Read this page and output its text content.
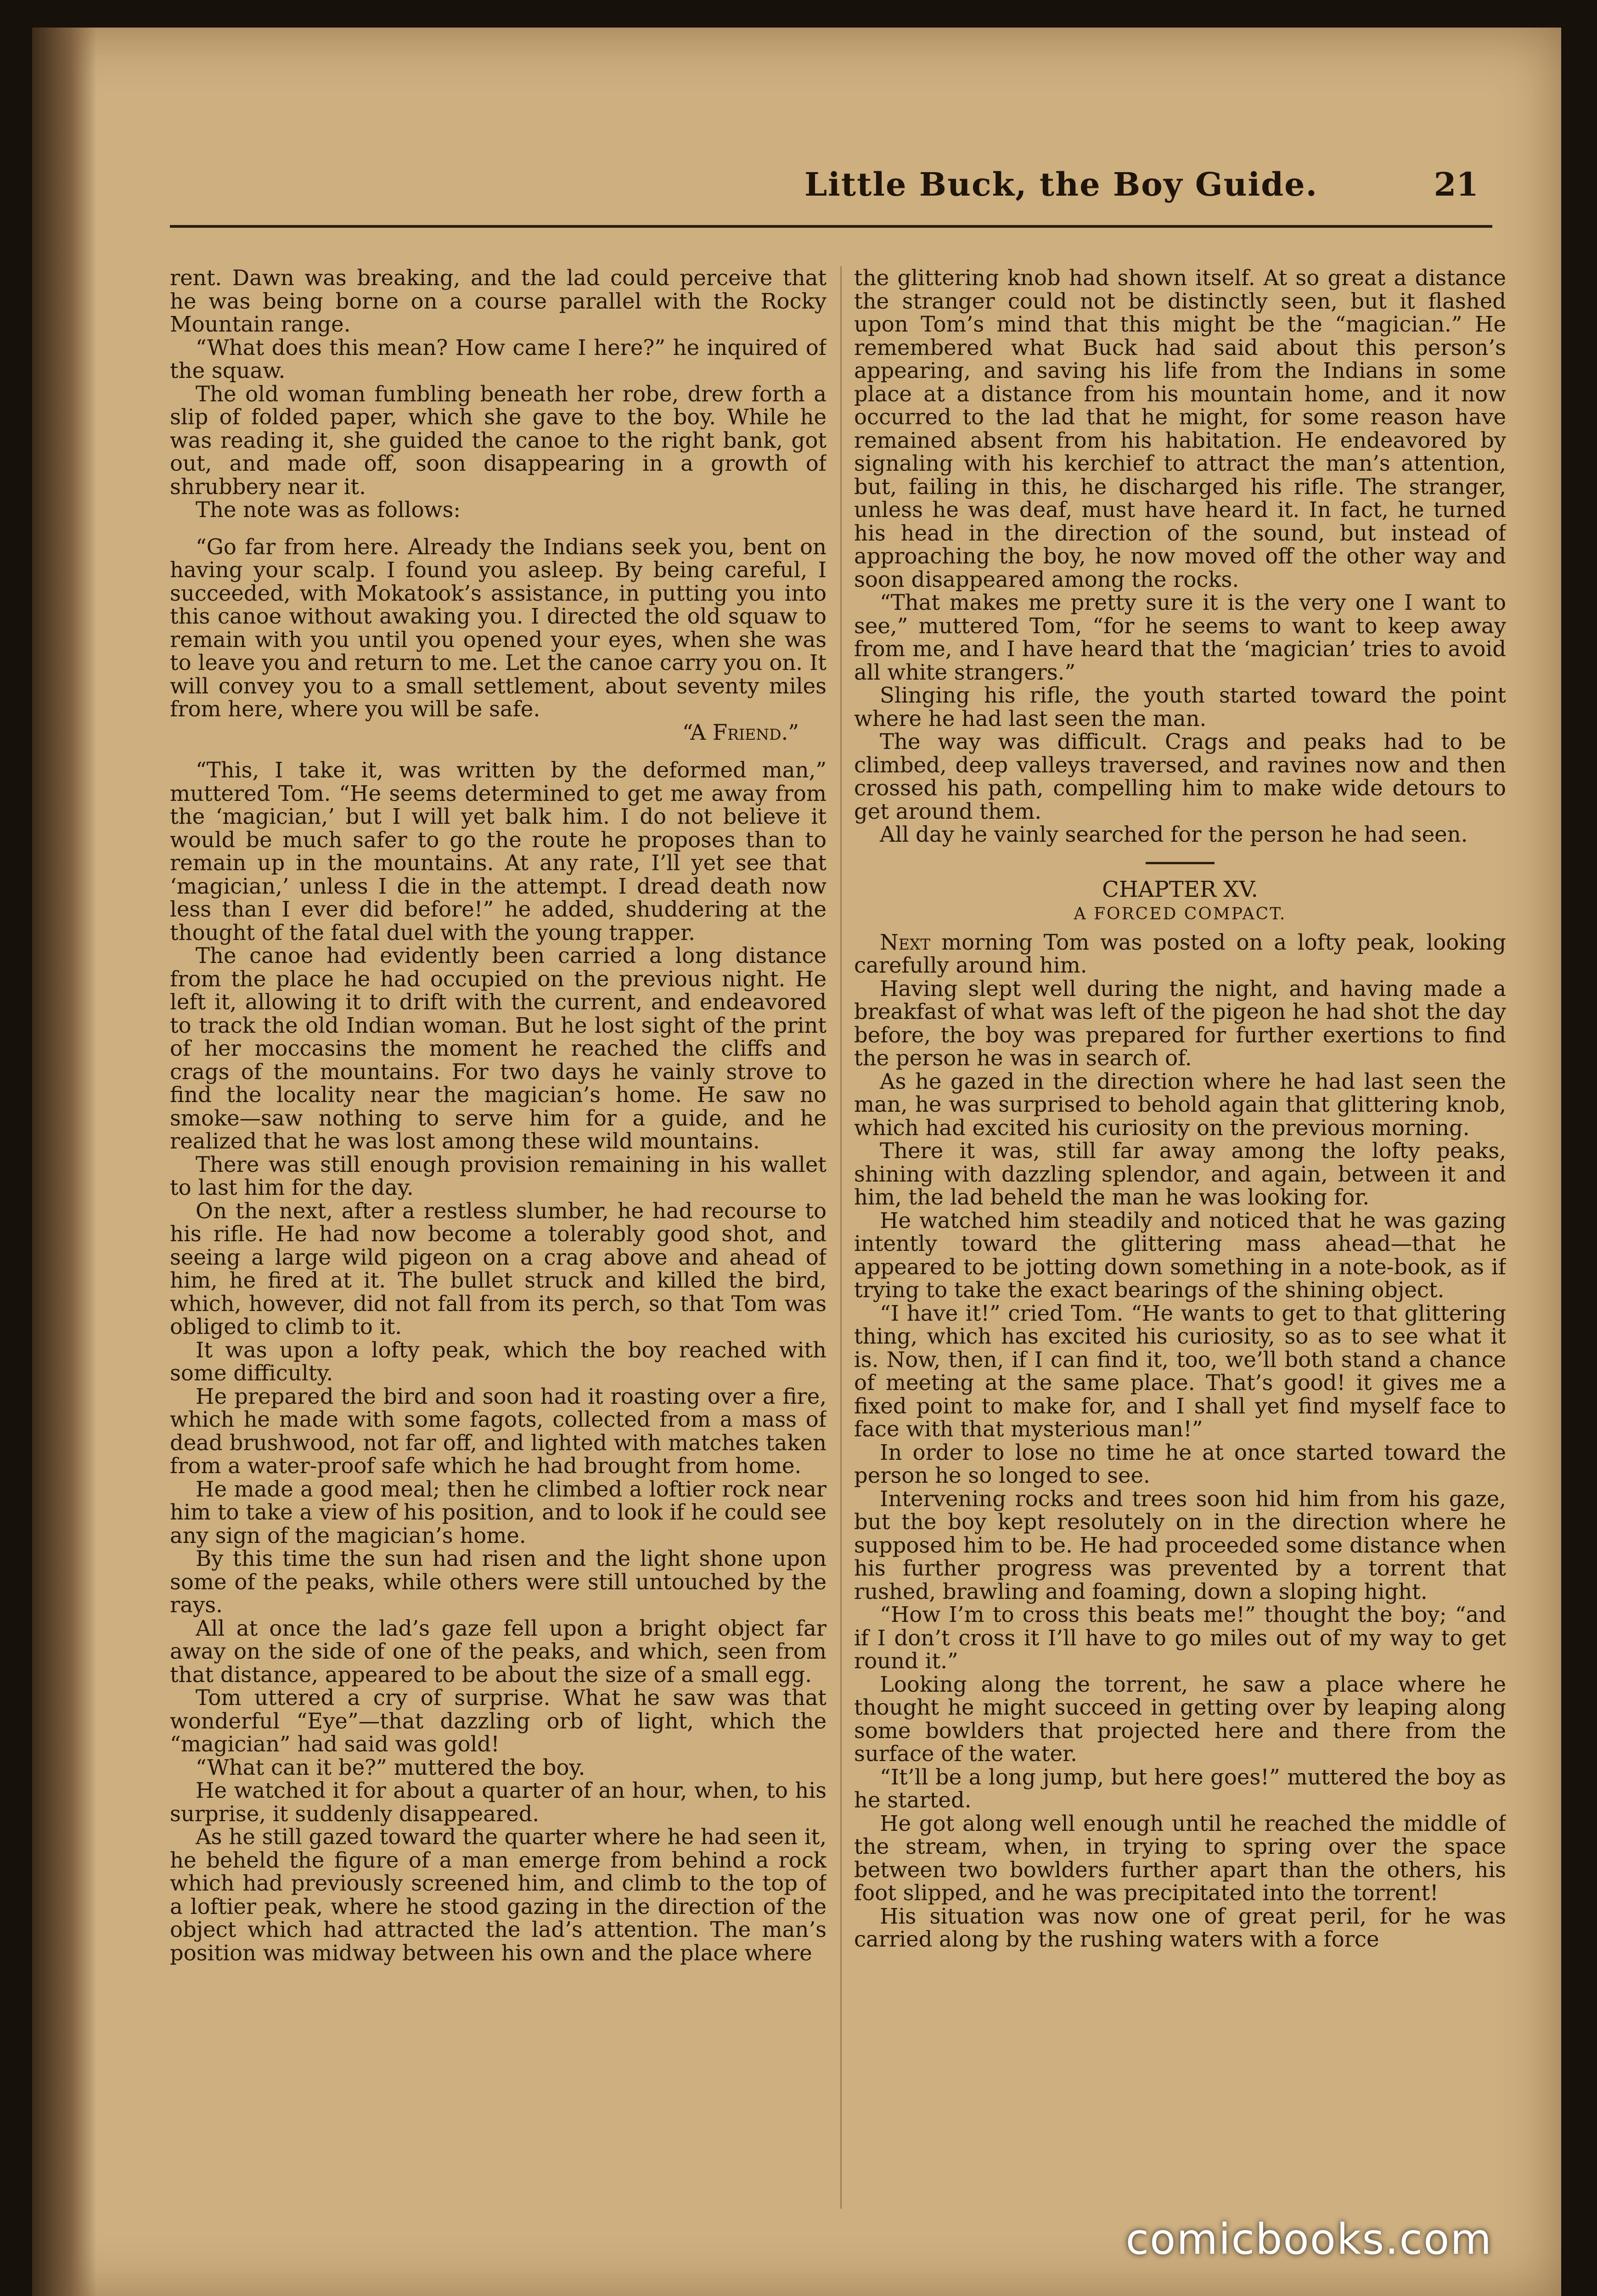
Little Buck, the Boy Guide.	21

rent. Dawn was breaking, and the lad could perceive that he was being borne on a course parallel with the Rocky Mountain range.

“What does this mean? How came I here?” he inquired of the squaw.

The old woman fumbling beneath her robe, drew forth a slip of folded paper, which she gave to the boy. While he was reading it, she guided the canoe to the right bank, got out, and made off, soon disappearing in a growth of shrubbery near it.

The note was as follows:

“Go far from here. Already the Indians seek you, bent on having your scalp. I found you asleep. By being careful, I succeeded, with Mokatook’s assistance, in putting you into this canoe without awaking you. I directed the old squaw to remain with you until you opened your eyes, when she was to leave you and return to me. Let the canoe carry you on. It will convey you to a small settlement, about seventy miles from here, where you will be safe.

“A Friend.”

“This, I take it, was written by the deformed man,” muttered Tom. “He seems determined to get me away from the ‘magician,’ but I will yet balk him. I do not believe it would be much safer to go the route he proposes than to remain up in the mountains. At any rate, I’ll yet see that ‘magician,’ unless I die in the attempt. I dread death now less than I ever did before!” he added, shuddering at the thought of the fatal duel with the young trapper.

The canoe had evidently been carried a long distance from the place he had occupied on the previous night. He left it, allowing it to drift with the current, and endeavored to track the old Indian woman. But he lost sight of the print of her moccasins the moment he reached the cliffs and crags of the mountains. For two days he vainly strove to find the locality near the magician’s home. He saw no smoke—saw nothing to serve him for a guide, and he realized that he was lost among these wild mountains.

There was still enough provision remaining in his wallet to last him for the day.

On the next, after a restless slumber, he had recourse to his rifle. He had now become a tolerably good shot, and seeing a large wild pigeon on a crag above and ahead of him, he fired at it. The bullet struck and killed the bird, which, however, did not fall from its perch, so that Tom was obliged to climb to it.

It was upon a lofty peak, which the boy reached with some difficulty.

He prepared the bird and soon had it roasting over a fire, which he made with some fagots, collected from a mass of dead brushwood, not far off, and lighted with matches taken from a water-proof safe which he had brought from home.

He made a good meal; then he climbed a loftier rock near him to take a view of his position, and to look if he could see any sign of the magician’s home.

By this time the sun had risen and the light shone upon some of the peaks, while others were still untouched by the rays.

All at once the lad’s gaze fell upon a bright object far away on the side of one of the peaks, and which, seen from that distance, appeared to be about the size of a small egg.

Tom uttered a cry of surprise. What he saw was that wonderful “Eye”—that dazzling orb of light, which the “magician” had said was gold!

“What can it be?” muttered the boy.

He watched it for about a quarter of an hour, when, to his surprise, it suddenly disappeared.

As he still gazed toward the quarter where he had seen it, he beheld the figure of a man emerge from behind a rock which had previously screened him, and climb to the top of a loftier peak, where he stood gazing in the direction of the object which had attracted the lad’s attention. The man’s position was midway between his own and the place where

the glittering knob had shown itself. At so great a distance the stranger could not be distinctly seen, but it flashed upon Tom’s mind that this might be the “magician.” He remembered what Buck had said about this person’s appearing, and saving his life from the Indians in some place at a distance from his mountain home, and it now occurred to the lad that he might, for some reason have remained absent from his habitation. He endeavored by signaling with his kerchief to attract the man’s attention, but, failing in this, he discharged his rifle. The stranger, unless he was deaf, must have heard it. In fact, he turned his head in the direction of the sound, but instead of approaching the boy, he now moved off the other way and soon disappeared among the rocks.

“That makes me pretty sure it is the very one I want to see,” muttered Tom, “for he seems to want to keep away from me, and I have heard that the ‘magician’ tries to avoid all white strangers.”

Slinging his rifle, the youth started toward the point where he had last seen the man.

The way was difficult. Crags and peaks had to be climbed, deep valleys traversed, and ravines now and then crossed his path, compelling him to make wide detours to get around them.

All day he vainly searched for the person he had seen.

CHAPTER XV.
A FORCED COMPACT.

Next morning Tom was posted on a lofty peak, looking carefully around him.

Having slept well during the night, and having made a breakfast of what was left of the pigeon he had shot the day before, the boy was prepared for further exertions to find the person he was in search of.

As he gazed in the direction where he had last seen the man, he was surprised to behold again that glittering knob, which had excited his curiosity on the previous morning.

There it was, still far away among the lofty peaks, shining with dazzling splendor, and again, between it and him, the lad beheld the man he was looking for.

He watched him steadily and noticed that he was gazing intently toward the glittering mass ahead—that he appeared to be jotting down something in a note-book, as if trying to take the exact bearings of the shining object.

“I have it!” cried Tom. “He wants to get to that glittering thing, which has excited his curiosity, so as to see what it is. Now, then, if I can find it, too, we’ll both stand a chance of meeting at the same place. That’s good! it gives me a fixed point to make for, and I shall yet find myself face to face with that mysterious man!”

In order to lose no time he at once started toward the person he so longed to see.

Intervening rocks and trees soon hid him from his gaze, but the boy kept resolutely on in the direction where he supposed him to be. He had proceeded some distance when his further progress was prevented by a torrent that rushed, brawling and foaming, down a sloping hight.

“How I’m to cross this beats me!” thought the boy; “and if I don’t cross it I’ll have to go miles out of my way to get round it.”

Looking along the torrent, he saw a place where he thought he might succeed in getting over by leaping along some bowlders that projected here and there from the surface of the water.

“It’ll be a long jump, but here goes!” muttered the boy as he started.

He got along well enough until he reached the middle of the stream, when, in trying to spring over the space between two bowlders further apart than the others, his foot slipped, and he was precipitated into the torrent!

His situation was now one of great peril, for he was carried along by the rushing waters with a force

comicbooks.com
